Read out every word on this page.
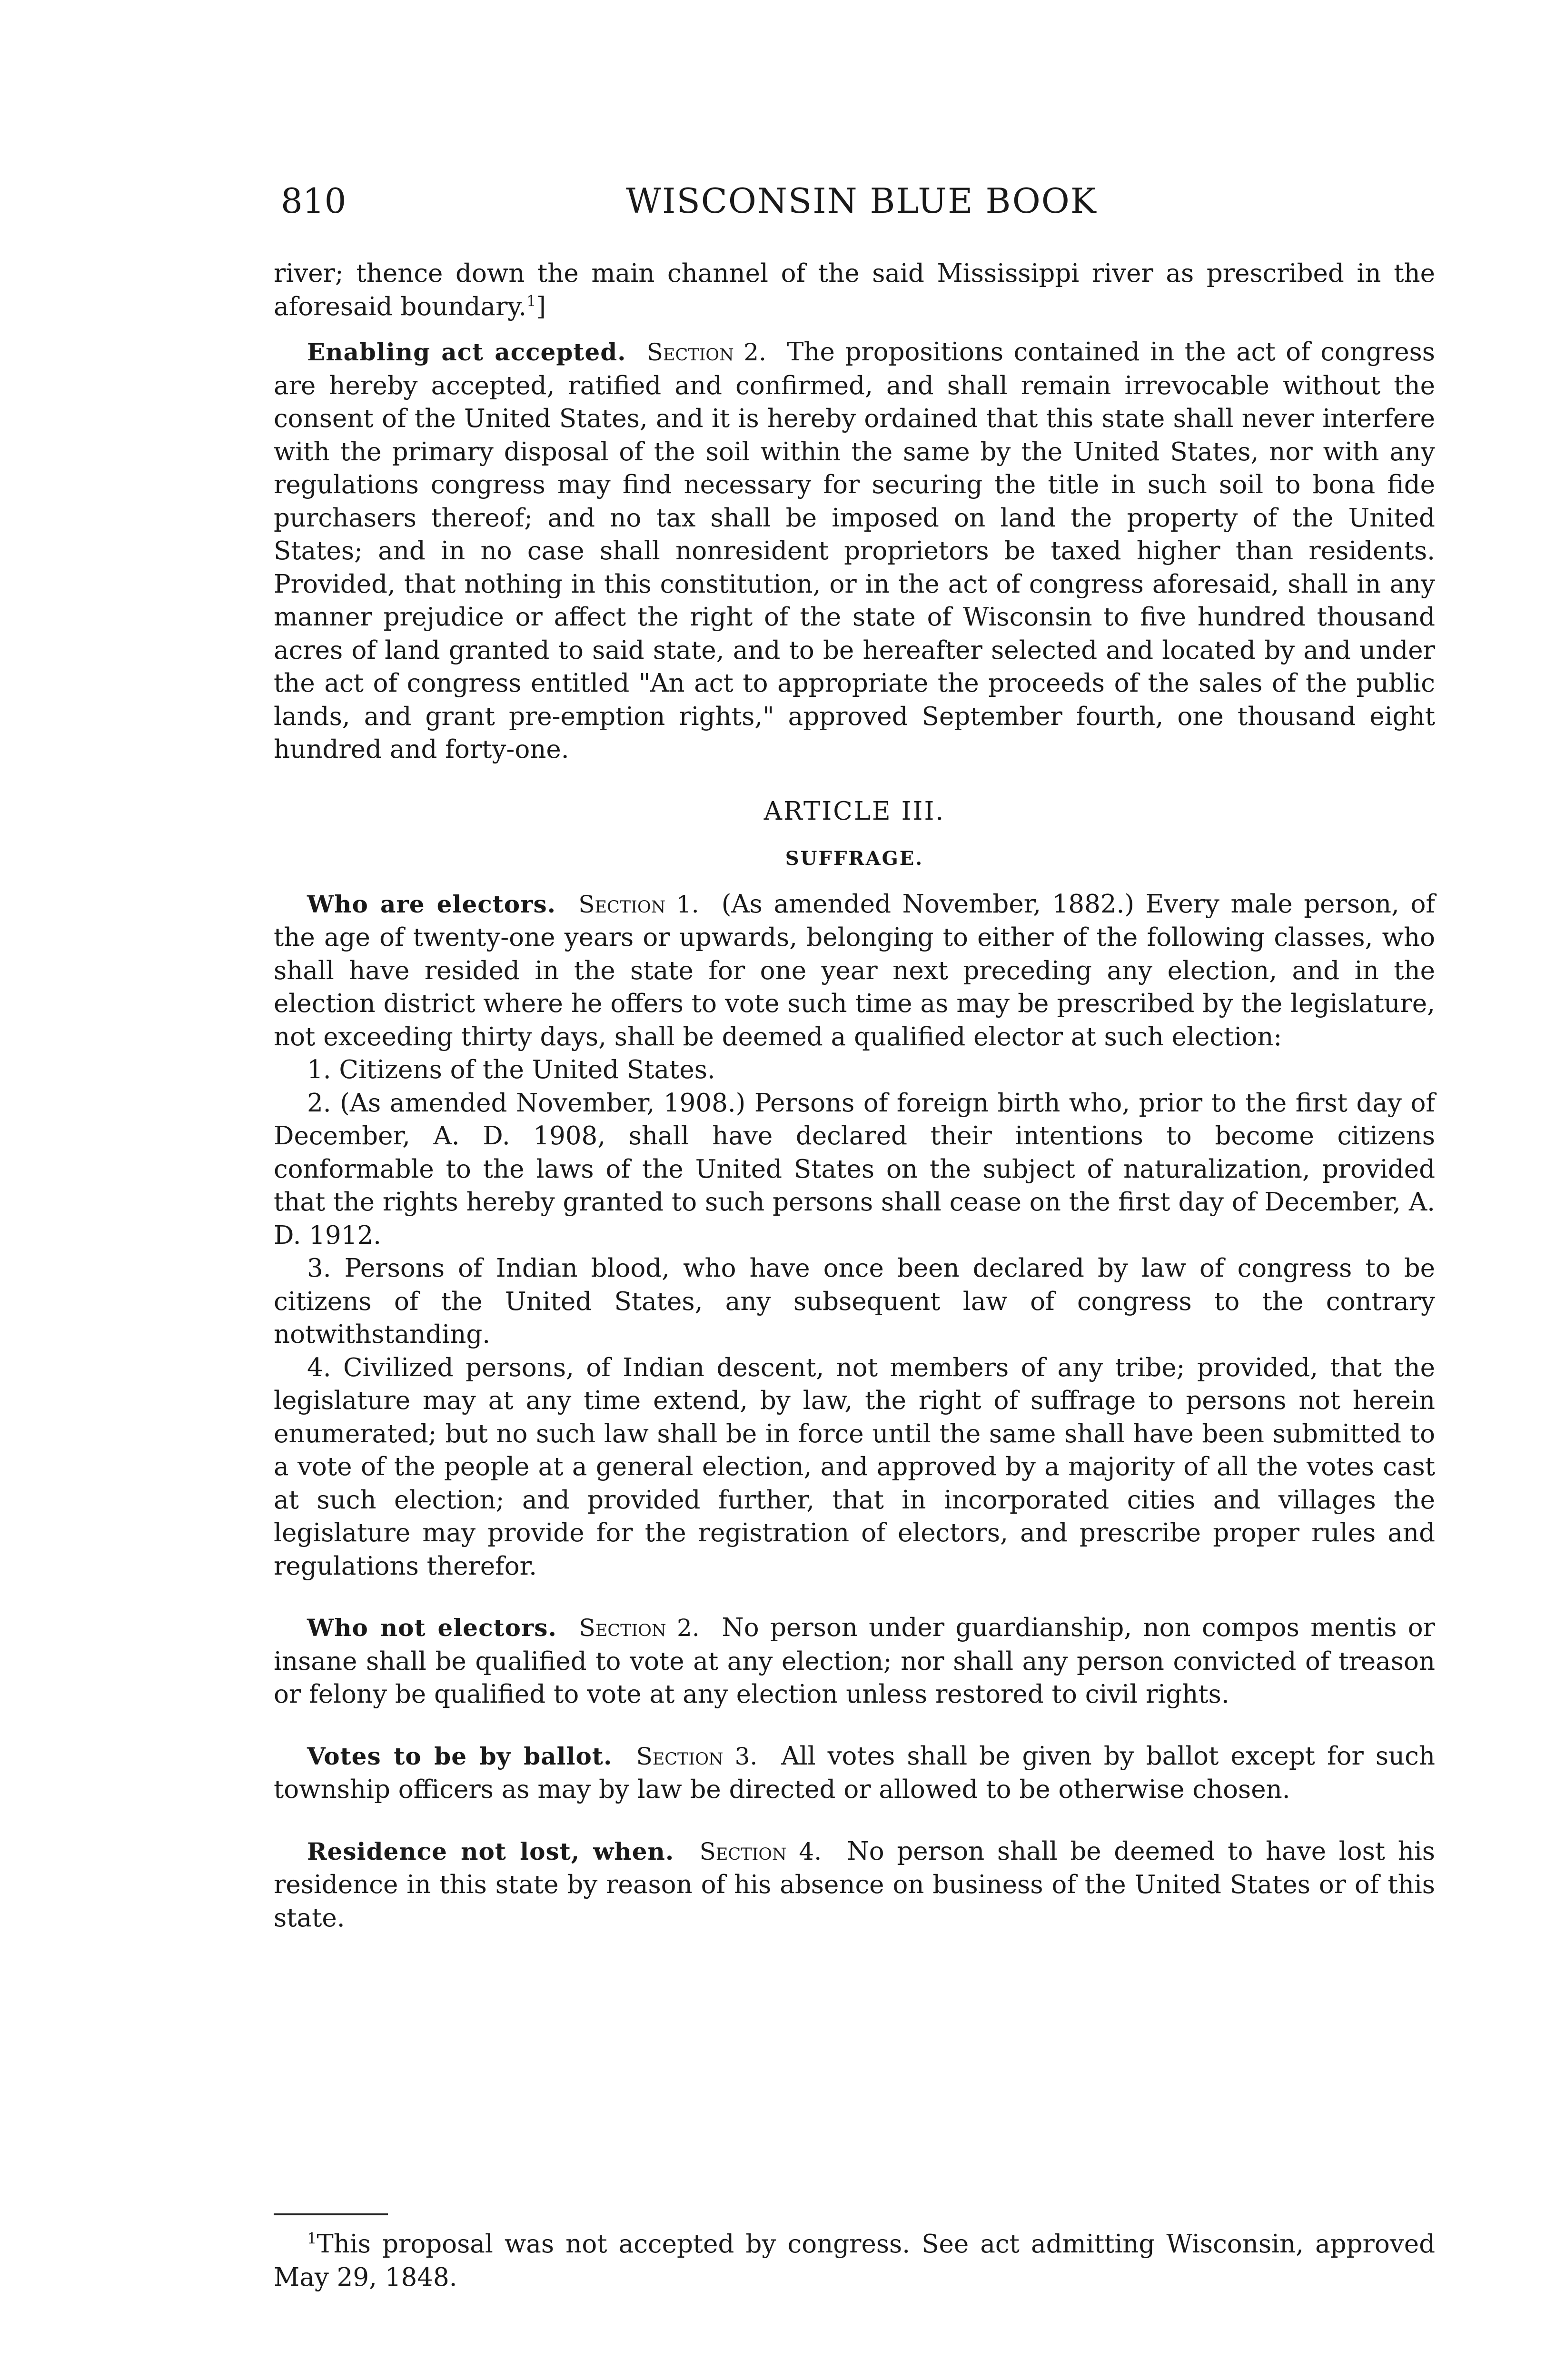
810	WISCONSIN BLUE BOOK

river; thence down the main channel of the said Mississippi river as prescribed in the aforesaid boundary.$^1$]

Enabling act accepted. Section 2. The propositions contained in the act of congress are hereby accepted, ratified and confirmed, and shall remain irrevocable without the consent of the United States, and it is hereby ordained that this state shall never interfere with the primary disposal of the soil within the same by the United States, nor with any regulations congress may find necessary for securing the title in such soil to bona fide purchasers thereof; and no tax shall be imposed on land the property of the United States; and in no case shall nonresident proprietors be taxed higher than residents. Provided, that nothing in this constitution, or in the act of congress aforesaid, shall in any manner prejudice or affect the right of the state of Wisconsin to five hundred thousand acres of land granted to said state, and to be hereafter selected and located by and under the act of congress entitled "An act to appropriate the proceeds of the sales of the public lands, and grant pre-emption rights," approved September fourth, one thousand eight hundred and forty-one.

ARTICLE III.

SUFFRAGE.

Who are electors. Section 1. (As amended November, 1882.) Every male person, of the age of twenty-one years or upwards, belonging to either of the following classes, who shall have resided in the state for one year next preceding any election, and in the election district where he offers to vote such time as may be prescribed by the legislature, not exceeding thirty days, shall be deemed a qualified elector at such election:

1. Citizens of the United States.

2. (As amended November, 1908.) Persons of foreign birth who, prior to the first day of December, A. D. 1908, shall have declared their intentions to become citizens conformable to the laws of the United States on the subject of naturalization, provided that the rights hereby granted to such persons shall cease on the first day of December, A. D. 1912.

3. Persons of Indian blood, who have once been declared by law of congress to be citizens of the United States, any subsequent law of congress to the contrary notwithstanding.

4. Civilized persons, of Indian descent, not members of any tribe; provided, that the legislature may at any time extend, by law, the right of suffrage to persons not herein enumerated; but no such law shall be in force until the same shall have been submitted to a vote of the people at a general election, and approved by a majority of all the votes cast at such election; and provided further, that in incorporated cities and villages the legislature may provide for the registration of electors, and prescribe proper rules and regulations therefor.

Who not electors. Section 2. No person under guardianship, non compos mentis or insane shall be qualified to vote at any election; nor shall any person convicted of treason or felony be qualified to vote at any election unless restored to civil rights.

Votes to be by ballot. Section 3. All votes shall be given by ballot except for such township officers as may by law be directed or allowed to be otherwise chosen.

Residence not lost, when. Section 4. No person shall be deemed to have lost his residence in this state by reason of his absence on business of the United States or of this state.

$^1$This proposal was not accepted by congress. See act admitting Wisconsin, approved May 29, 1848.
